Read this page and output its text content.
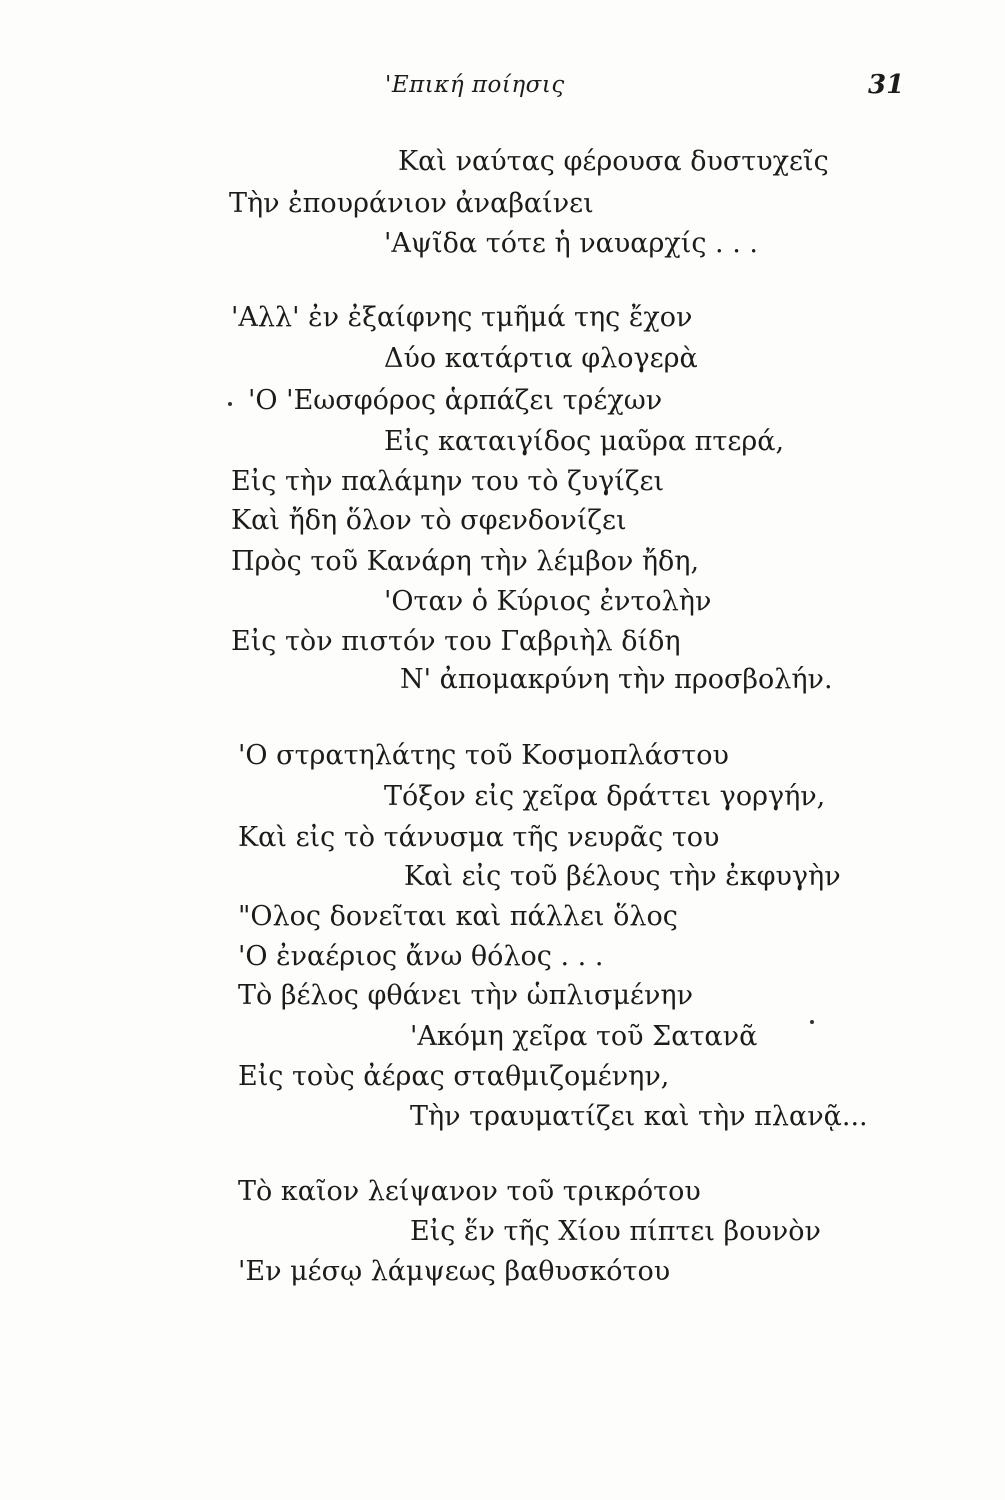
'Επική ποίησις	31
Καὶ ναύτας φέρουσα δυστυχεῖς
Τὴν ἐπουράνιον ἀναβαίνει
'Αψῖδα τότε ἡ ναυαρχίς . . .
'Αλλ' ἐν ἐξαίφνης τμῆμά της ἔχον
Δύο κατάρτια φλογερὰ
'Ο 'Εωσφόρος ἁρπάζει τρέχων
Εἰς καταιγίδος μαῦρα πτερά,
Εἰς τὴν παλάμην του τὸ ζυγίζει
Καὶ ἤδη ὅλον τὸ σφενδονίζει
Πρὸς τοῦ Κανάρη τὴν λέμβον ἤδη,
'Οταν ὁ Κύριος ἐντολὴν
Εἰς τὸν πιστόν του Γαβριὴλ δίδη
Ν' ἀπομακρύνη τὴν προσβολήν.
'Ο στρατηλάτης τοῦ Κοσμοπλάστου
Τόξον εἰς χεῖρα δράττει γοργήν,
Καὶ εἰς τὸ τάνυσμα τῆς νευρᾶς του
Καὶ εἰς τοῦ βέλους τὴν ἐκφυγὴν
"Ολος δονεῖται καὶ πάλλει ὅλος
'Ο ἐναέριος ἄνω θόλος . . .
Τὸ βέλος φθάνει τὴν ὡπλισμένην
'Ακόμη χεῖρα τοῦ Σατανᾶ
Εἰς τοὺς ἀέρας σταθμιζομένην,
Τὴν τραυματίζει καὶ τὴν πλανᾷ...
Τὸ καῖον λείψανον τοῦ τρικρότου
Εἰς ἕν τῆς Χίου πίπτει βουνὸν
'Εν μέσῳ λάμψεως βαθυσκότου
